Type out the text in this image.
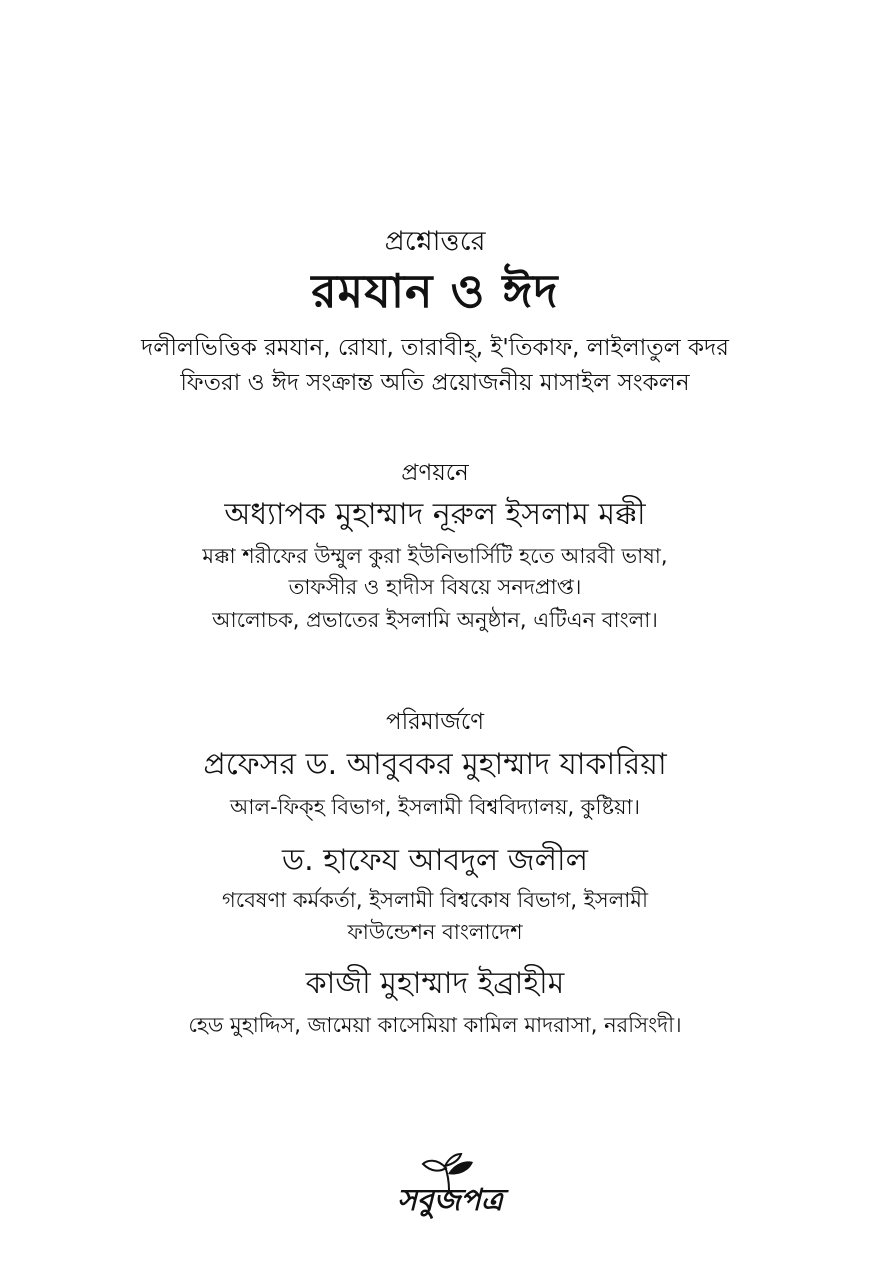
প্রশ্নোত্তরে
রমযান ও ঈদ
দলীলভিত্তিক রমযান, রোযা, তারাবীহ্, ই'তিকাফ, লাইলাতুল কদর
ফিতরা ও ঈদ সংক্রান্ত অতি প্রয়োজনীয় মাসাইল সংকলন
প্রণয়নে
অধ্যাপক মুহাম্মাদ নূরুল ইসলাম মক্কী
মক্কা শরীফের উম্মুল কুরা ইউনিভার্সিটি হতে আরবী ভাষা,
তাফসীর ও হাদীস বিষয়ে সনদপ্রাপ্ত।
আলোচক, প্রভাতের ইসলামি অনুষ্ঠান, এটিএন বাংলা।
পরিমার্জণে
প্রফেসর ড. আবুবকর মুহাম্মাদ যাকারিয়া
আল-ফিক্হ বিভাগ, ইসলামী বিশ্ববিদ্যালয়, কুষ্টিয়া।
ড. হাফেয আবদুল জলীল
গবেষণা কর্মকর্তা, ইসলামী বিশ্বকোষ বিভাগ, ইসলামী
ফাউন্ডেশন বাংলাদেশ
কাজী মুহাম্মাদ ইব্রাহীম
হেড মুহাদ্দিস, জামেয়া কাসেমিয়া কামিল মাদরাসা, নরসিংদী।
সবুজপত্র
